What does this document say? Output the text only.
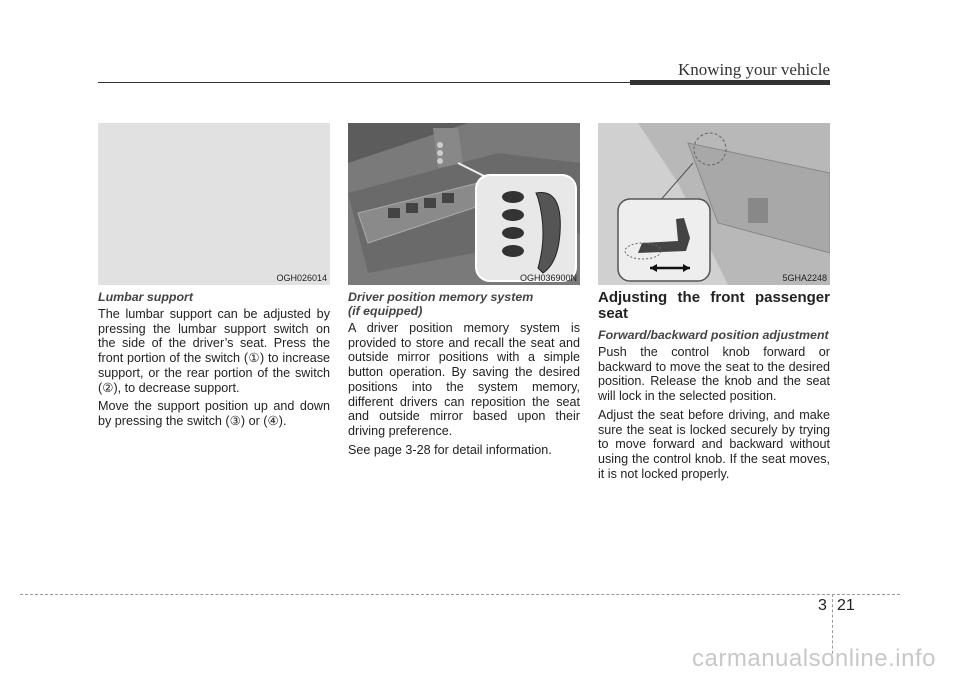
Knowing your vehicle
OGH026014	OGH036900N	5GHA2248
Lumbar support

The lumbar support can be adjusted by pressing the lumbar support switch on the side of the driver’s seat. Press the front portion of the switch (①) to increase support, or the rear portion of the switch (②), to decrease support.

Move the support position up and down by pressing the switch (③) or (④).

Driver position memory system
(if equipped)

A driver position memory system is provided to store and recall the seat and outside mirror positions with a simple button operation. By saving the desired positions into the system memory, different drivers can reposition the seat and outside mirror based upon their driving preference.

See page 3-28 for detail information.

Adjusting the front passenger seat
Forward/backward position adjustment

Push the control knob forward or backward to move the seat to the desired position. Release the knob and the seat will lock in the selected position.

Adjust the seat before driving, and make sure the seat is locked securely by trying to move forward and backward without using the control knob. If the seat moves, it is not locked properly.

3 21
carmanualsonline.info
